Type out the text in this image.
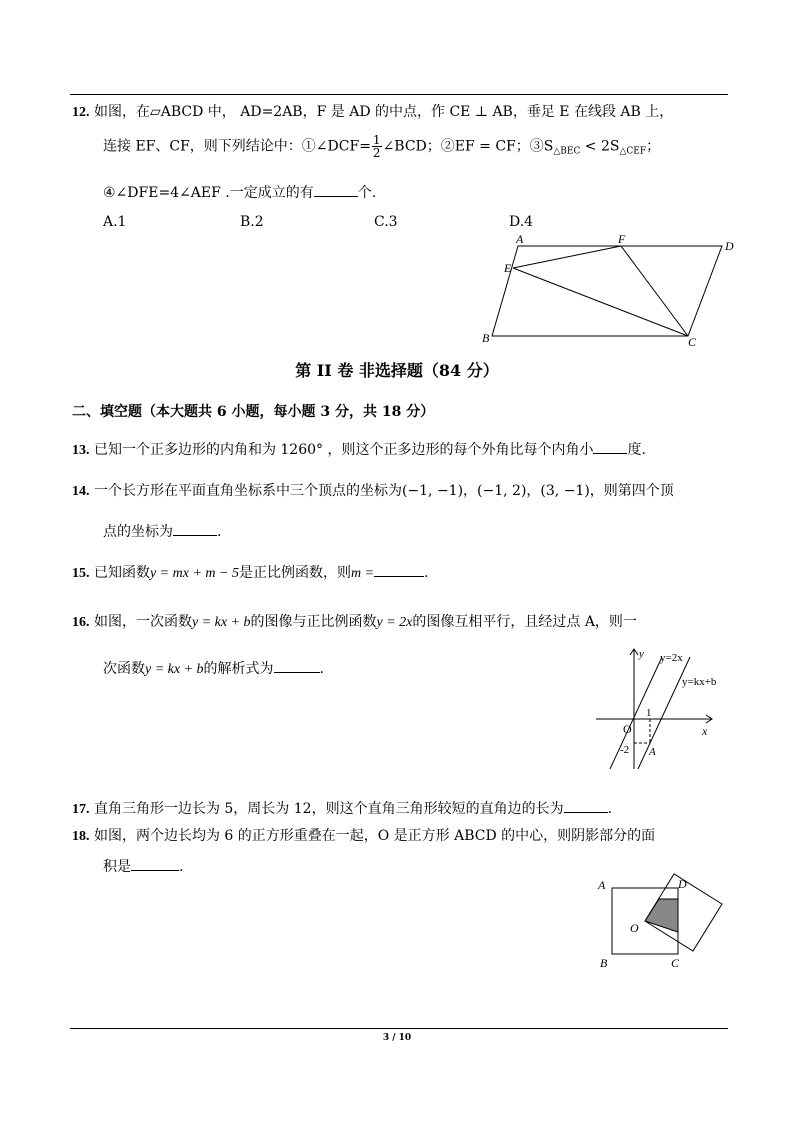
12. 如图，在▱ABCD 中， AD=2AB，F 是 AD 的中点，作 CE ⊥ AB，垂足 E 在线段 AB 上，
连接 EF、CF，则下列结论中：①∠DCF= $\frac{1}{2}$ ∠BCD；②EF = CF；$③S_{\triangle BEC} < 2S_{\triangle CEF}$；
④∠DFE=4∠AEF .一定成立的有	个.
A.1	B.2	C.3	D.4
A	F	D
E
B	C
第 II 卷 非选择题（84 分）
二、填空题（本大题共 6 小题，每小题 3 分，共 18 分）
13. 已知一个正多边形的内角和为 1260° ，则这个正多边形的每个外角比每个内角小 度.
14. 一个长方形在平面直角坐标系中三个顶点的坐标为(−1, −1)，(−1, 2)，(3, −1)，则第四个顶
点的坐标为	.
15. 已知函数y = mx + m − 5是正比例函数，则m =	.
16. 如图，一次函数y = kx + b的图像与正比例函数y = 2x的图像互相平行，且经过点 A，则一
次函数y = kx + b的解析式为	.
y y=2x
y=kx+b
O
1
x
-2 A
17. 直角三角形一边长为 5，周长为 12，则这个直角三角形较短的直角边的长为	.
18. 如图，两个边长均为 6 的正方形重叠在一起，O 是正方形 ABCD 的中心，则阴影部分的面
积是	.
A	D
O
B	C
3 / 10
